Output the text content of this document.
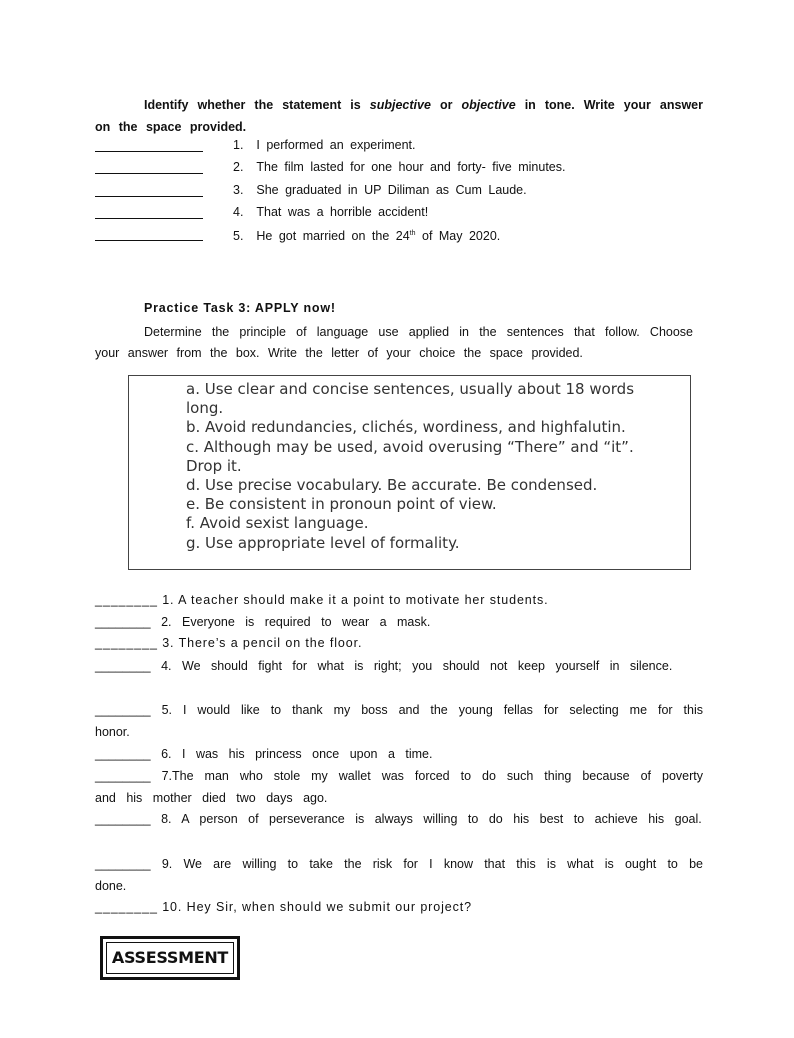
Identify whether the statement is subjective or objective in tone. Write your answer on the space provided.
1. I performed an experiment.
2. The film lasted for one hour and forty- five minutes.
3. She graduated in UP Diliman as Cum Laude.
4. That was a horrible accident!
5. He got married on the 24th of May 2020.
Practice Task 3: APPLY now!
Determine the principle of language use applied in the sentences that follow. Choose your answer from the box. Write the letter of your choice the space provided.
a. Use clear and concise sentences, usually about 18 words long.
b. Avoid redundancies, clichés, wordiness, and highfalutin.
c. Although may be used, avoid overusing “There” and “it”. Drop it.
d. Use precise vocabulary. Be accurate. Be condensed.
e. Be consistent in pronoun point of view.
f. Avoid sexist language.
g. Use appropriate level of formality.
________ 1. A teacher should make it a point to motivate her students.
________ 2. Everyone is required to wear a mask.
________ 3. There’s a pencil on the floor.
________ 4. We should fight for what is right; you should not keep yourself in silence.
________ 5. I would like to thank my boss and the young fellas for selecting me for this honor.
________ 6. I was his princess once upon a time.
________ 7.The man who stole my wallet was forced to do such thing because of poverty and his mother died two days ago.
________ 8. A person of perseverance is always willing to do his best to achieve his goal.
________ 9. We are willing to take the risk for I know that this is what is ought to be done.
________ 10. Hey Sir, when should we submit our project?
ASSESSMENT
